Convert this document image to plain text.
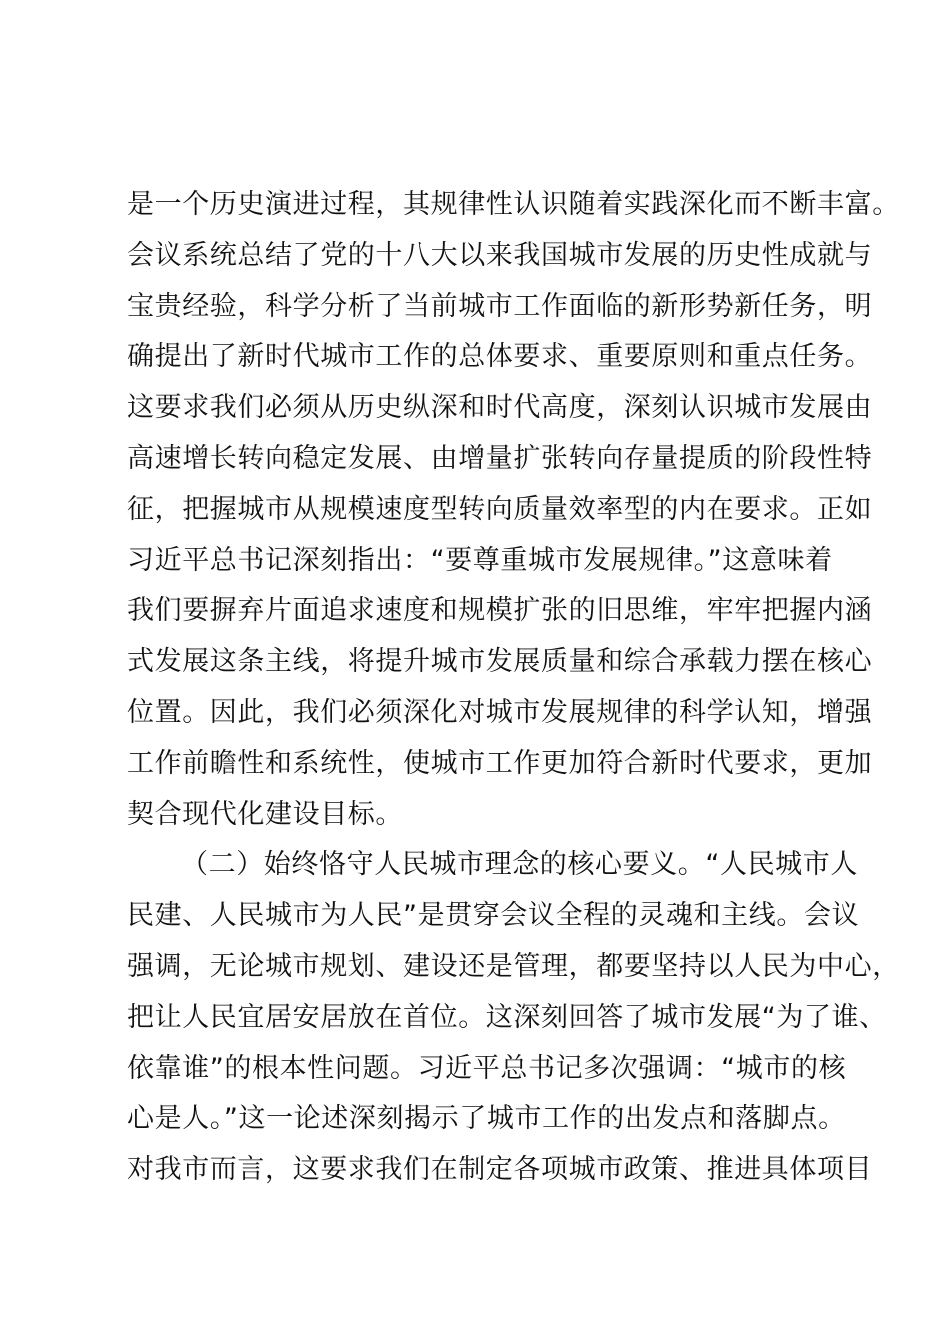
是一个历史演进过程，其规律性认识随着实践深化而不断丰富。
会议系统总结了党的十八大以来我国城市发展的历史性成就与
宝贵经验，科学分析了当前城市工作面临的新形势新任务，明
确提出了新时代城市工作的总体要求、重要原则和重点任务。
这要求我们必须从历史纵深和时代高度，深刻认识城市发展由
高速增长转向稳定发展、由增量扩张转向存量提质的阶段性特
征，把握城市从规模速度型转向质量效率型的内在要求。正如
习近平总书记深刻指出：“要尊重城市发展规律。”这意味着
我们要摒弃片面追求速度和规模扩张的旧思维，牢牢把握内涵
式发展这条主线，将提升城市发展质量和综合承载力摆在核心
位置。因此，我们必须深化对城市发展规律的科学认知，增强
工作前瞻性和系统性，使城市工作更加符合新时代要求，更加
契合现代化建设目标。
（二）始终恪守人民城市理念的核心要义。“人民城市人
民建、人民城市为人民”是贯穿会议全程的灵魂和主线。会议
强调，无论城市规划、建设还是管理，都要坚持以人民为中心，
把让人民宜居安居放在首位。这深刻回答了城市发展“为了谁、
依靠谁”的根本性问题。习近平总书记多次强调：“城市的核
心是人。”这一论述深刻揭示了城市工作的出发点和落脚点。
对我市而言，这要求我们在制定各项城市政策、推进具体项目
